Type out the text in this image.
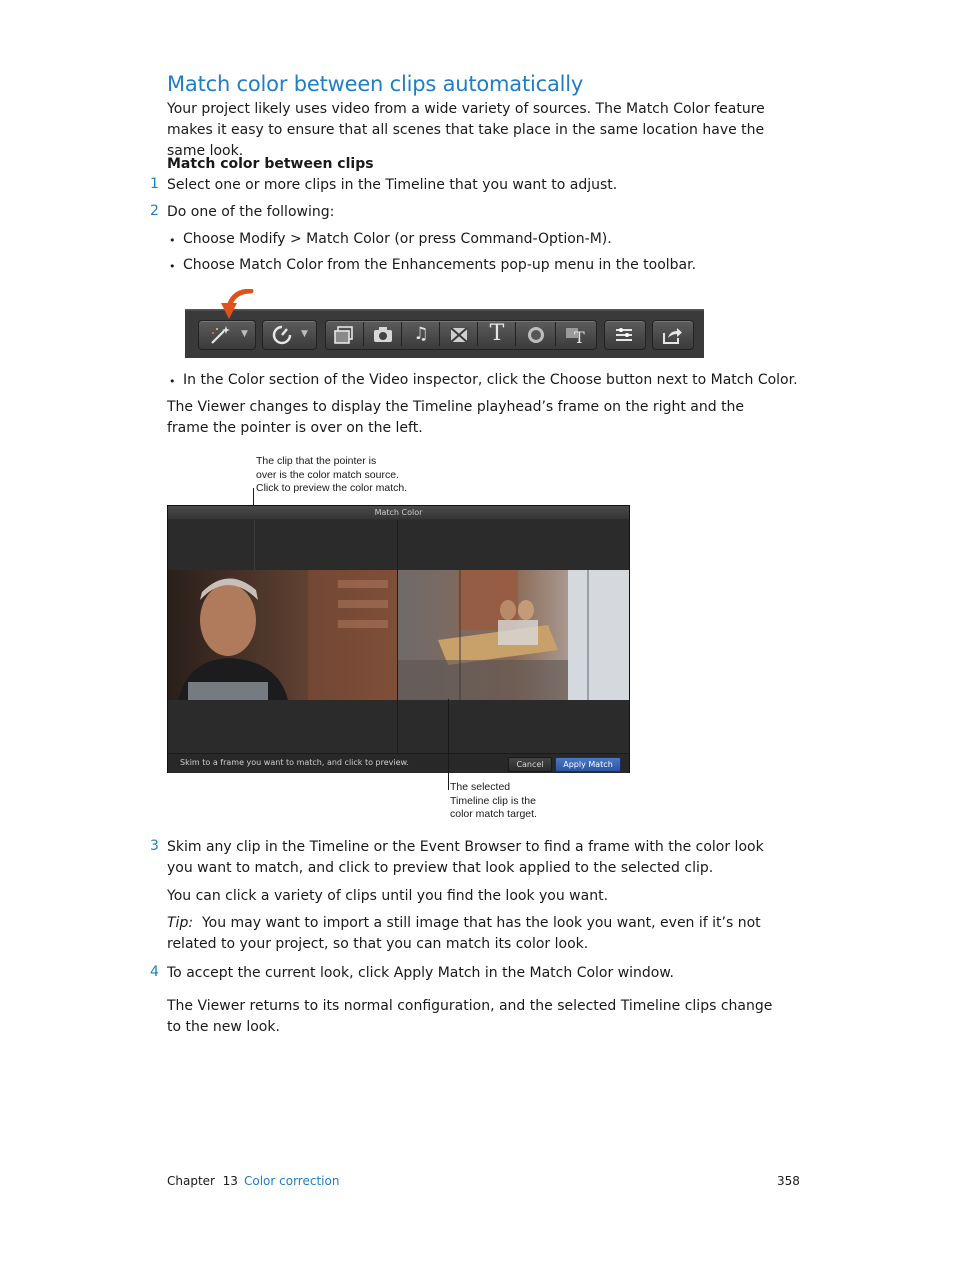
Match color between clips automatically
Your project likely uses video from a wide variety of sources. The Match Color feature makes it easy to ensure that all scenes that take place in the same location have the same look.
Match color between clips
1 Select one or more clips in the Timeline that you want to adjust.
2 Do one of the following:
• Choose Modify > Match Color (or press Command-Option-M).
• Choose Match Color from the Enhancements pop-up menu in the toolbar.
▼	▼	♫	T	T
• In the Color section of the Video inspector, click the Choose button next to Match Color.
The Viewer changes to display the Timeline playhead’s frame on the right and the frame the pointer is over on the left.
The clip that the pointer is
over is the color match source.
Click to preview the color match.
Match Color
Skim to a frame you want to match, and click to preview.	Cancel	Apply Match
The selected
Timeline clip is the
color match target.
3 Skim any clip in the Timeline or the Event Browser to find a frame with the color look you want to match, and click to preview that look applied to the selected clip.
You can click a variety of clips until you find the look you want.
Tip: You may want to import a still image that has the look you want, even if it’s not related to your project, so that you can match its color look.
4 To accept the current look, click Apply Match in the Match Color window.
The Viewer returns to its normal configuration, and the selected Timeline clips change to the new look.
Chapter 13 Color correction	358
